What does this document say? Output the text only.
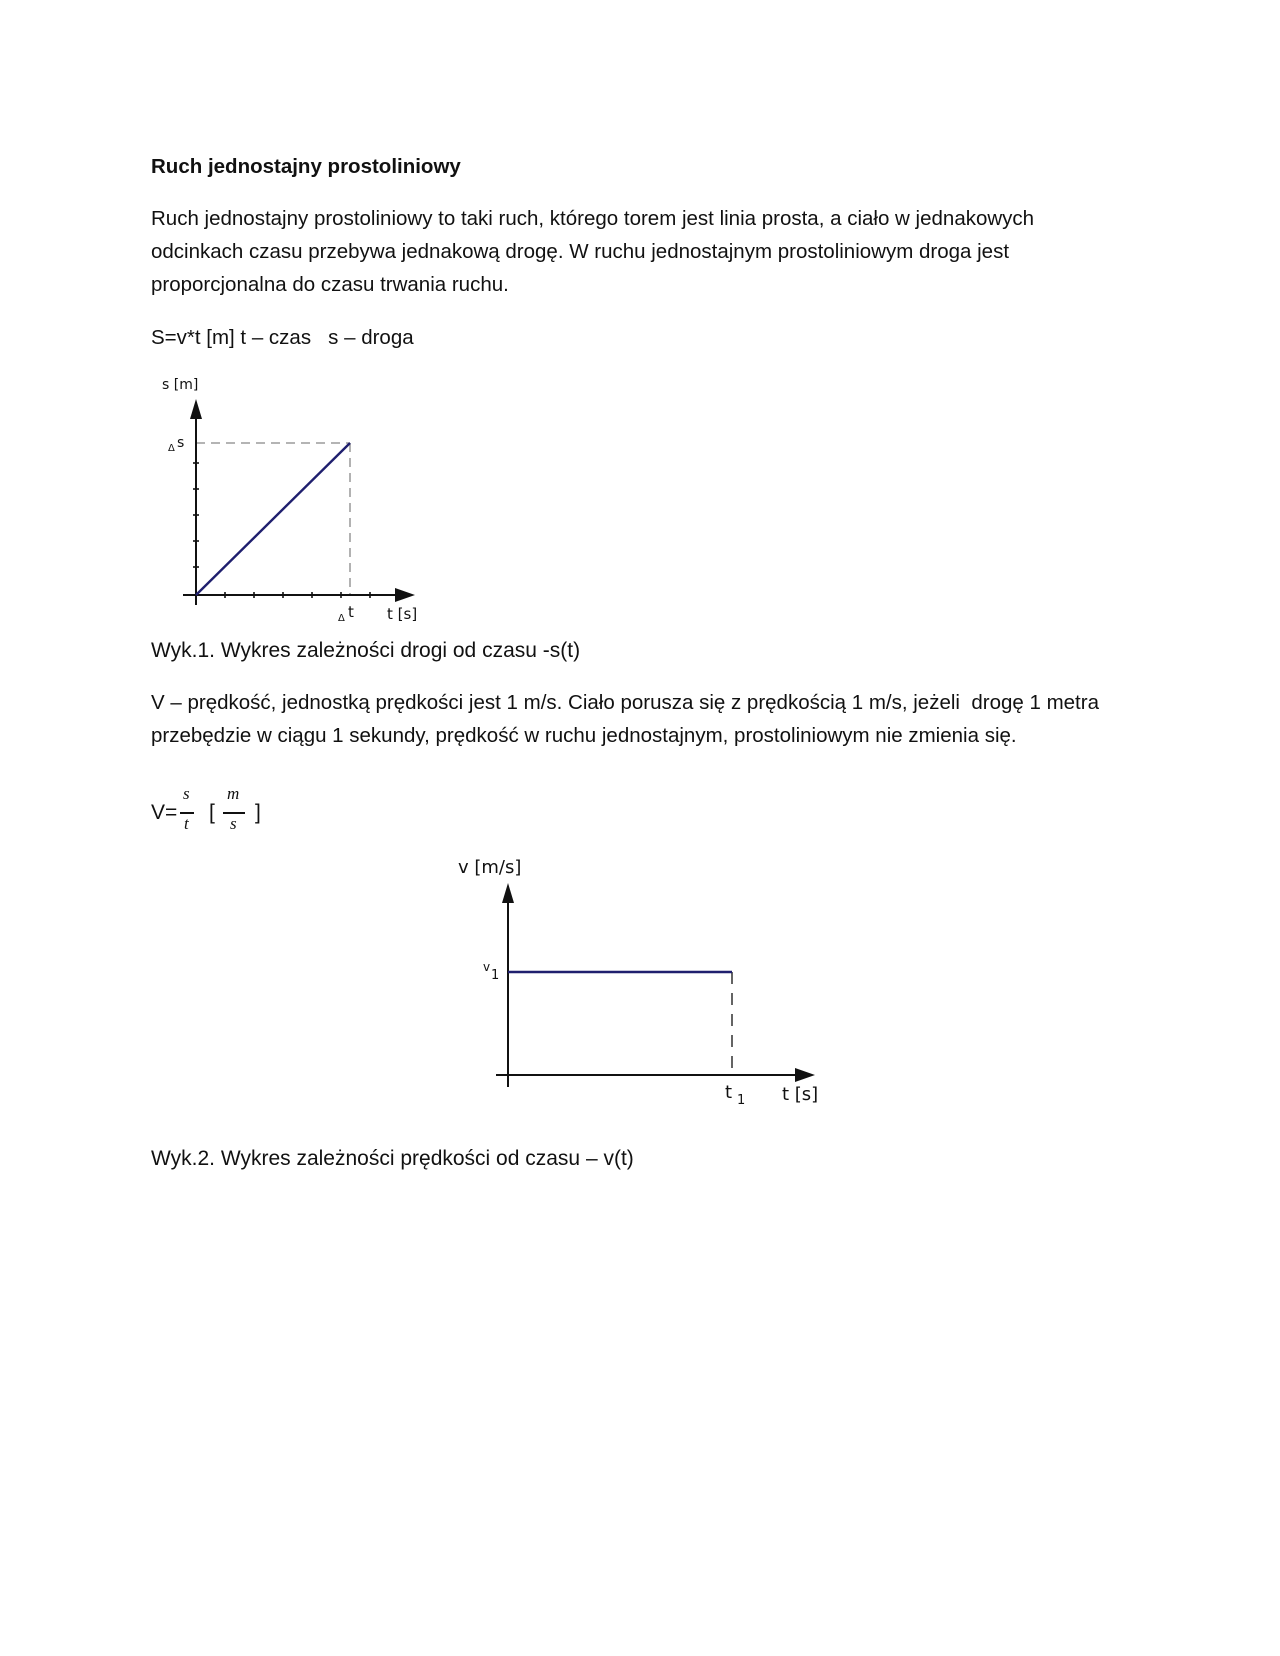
Ruch jednostajny prostoliniowy
Ruch jednostajny prostoliniowy to taki ruch, którego torem jest linia prosta, a ciało w jednakowych
odcinkach czasu przebywa jednakową drogę. W ruchu jednostajnym prostoliniowym droga jest
proporcjonalna do czasu trwania ruchu.
S=v*t [m] t – czas   s – droga
s [m]
Δ s
Δ t t [s]
Wyk.1. Wykres zależności drogi od czasu -s(t)
V – prędkość, jednostką prędkości jest 1 m/s. Ciało porusza się z prędkością 1 m/s, jeżeli  drogę 1 metra
przebędzie w ciągu 1 sekundy, prędkość w ruchu jednostajnym, prostoliniowym nie zmienia się.
V=
s
t [
m
s ]
v [m/s]
v
1
t 1 t [s]
Wyk.2. Wykres zależności prędkości od czasu – v(t)
